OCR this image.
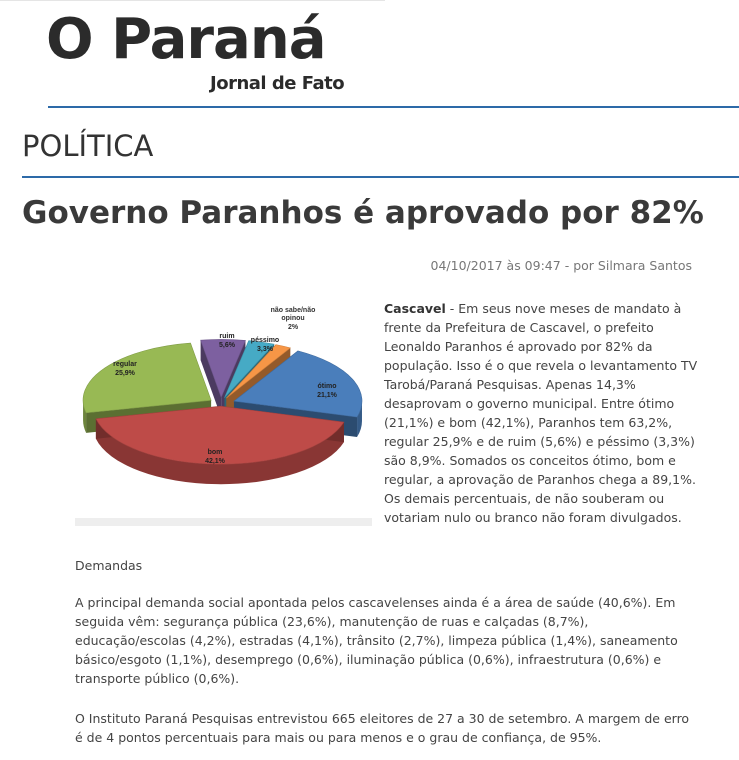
O Paraná
Jornal de Fato
POLÍTICA
Governo Paranhos é aprovado por 82%
04/10/2017 às 09:47 - por Silmara Santos
ótimo 21,1%
bom 42,1%
regular 25,9%
ruim 5,6%
péssimo 3,3%
não sabe/não opinou 2%

Cascavel - Em seus nove meses de mandato à frente da Prefeitura de Cascavel, o prefeito Leonaldo Paranhos é aprovado por 82% da população. Isso é o que revela o levantamento TV Tarobá/Paraná Pesquisas. Apenas 14,3% desaprovam o governo municipal. Entre ótimo (21,1%) e bom (42,1%), Paranhos tem 63,2%, regular 25,9% e de ruim (5,6%) e péssimo (3,3%) são 8,9%. Somados os conceitos ótimo, bom e regular, a aprovação de Paranhos chega a 89,1%. Os demais percentuais, de não souberam ou votariam nulo ou branco não foram divulgados.

Demandas

A principal demanda social apontada pelos cascavelenses ainda é a área de saúde (40,6%). Em seguida vêm: segurança pública (23,6%), manutenção de ruas e calçadas (8,7%), educação/escolas (4,2%), estradas (4,1%), trânsito (2,7%), limpeza pública (1,4%), saneamento básico/esgoto (1,1%), desemprego (0,6%), iluminação pública (0,6%), infraestrutura (0,6%) e transporte público (0,6%).

O Instituto Paraná Pesquisas entrevistou 665 eleitores de 27 a 30 de setembro. A margem de erro é de 4 pontos percentuais para mais ou para menos e o grau de confiança, de 95%.
